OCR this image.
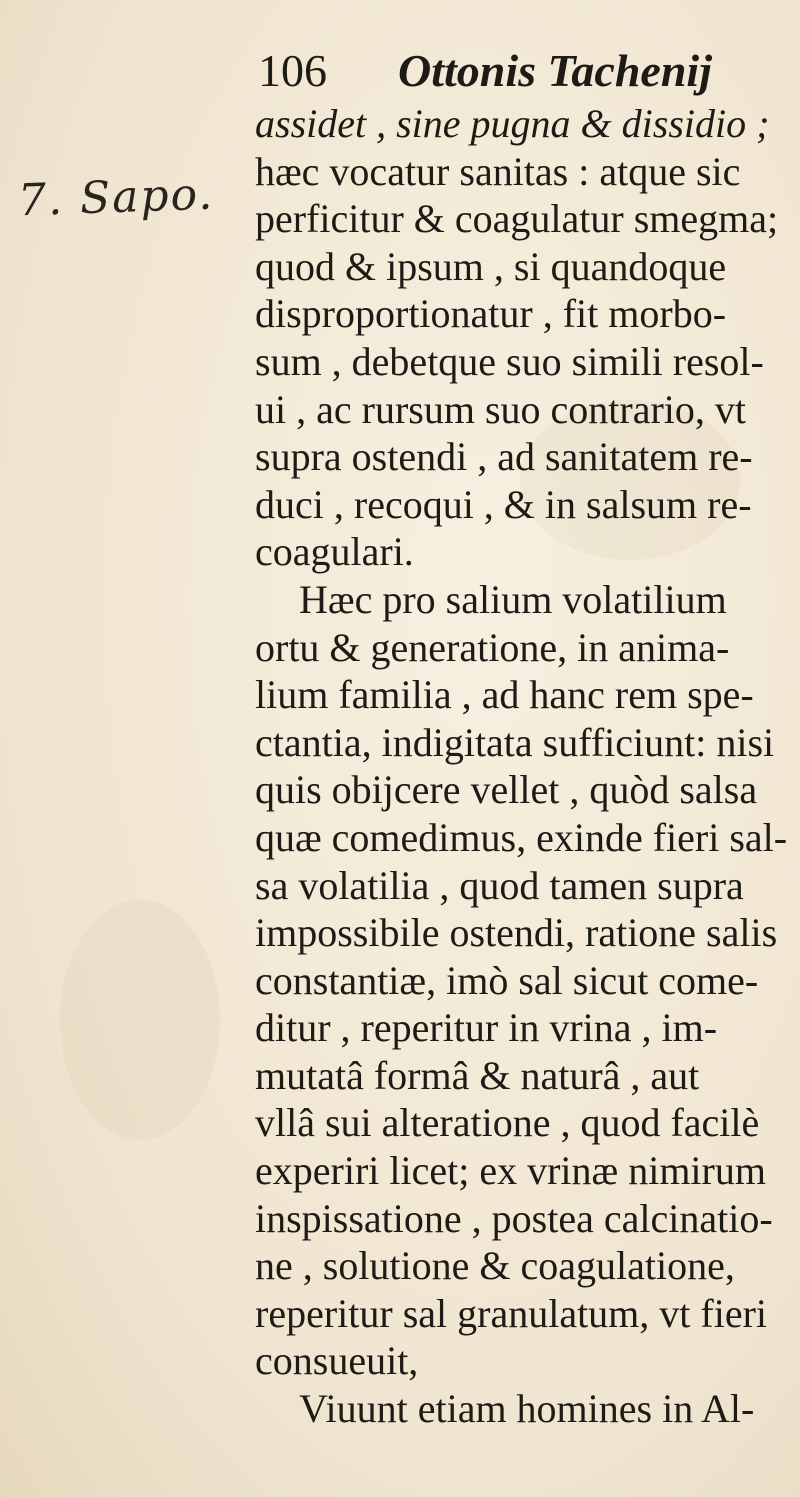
7. Sapo.
106 Ottonis Tachenij
assidet , sine pugna & dissidio ;
hæc vocatur sanitas : atque sic
perficitur & coagulatur smegma;
quod & ipsum , si quandoque
disproportionatur , fit morbo-
sum , debetque suo simili resol-
ui , ac rursum suo contrario, vt
supra ostendi , ad sanitatem re-
duci , recoqui , & in salsum re-
coagulari.
Hæc pro salium volatilium
ortu & generatione, in anima-
lium familia , ad hanc rem spe-
ctantia, indigitata sufficiunt: nisi
quis obijcere vellet , quòd salsa
quæ comedimus, exinde fieri sal-
sa volatilia , quod tamen supra
impossibile ostendi, ratione salis
constantiæ, imò sal sicut come-
ditur , reperitur in vrina , im-
mutatâ formâ & naturâ , aut
vllâ sui alteratione , quod facilè
experiri licet; ex vrinæ nimirum
inspissatione , postea calcinatio-
ne , solutione & coagulatione,
reperitur sal granulatum, vt fieri
consueuit,
Viuunt etiam homines in Al-
